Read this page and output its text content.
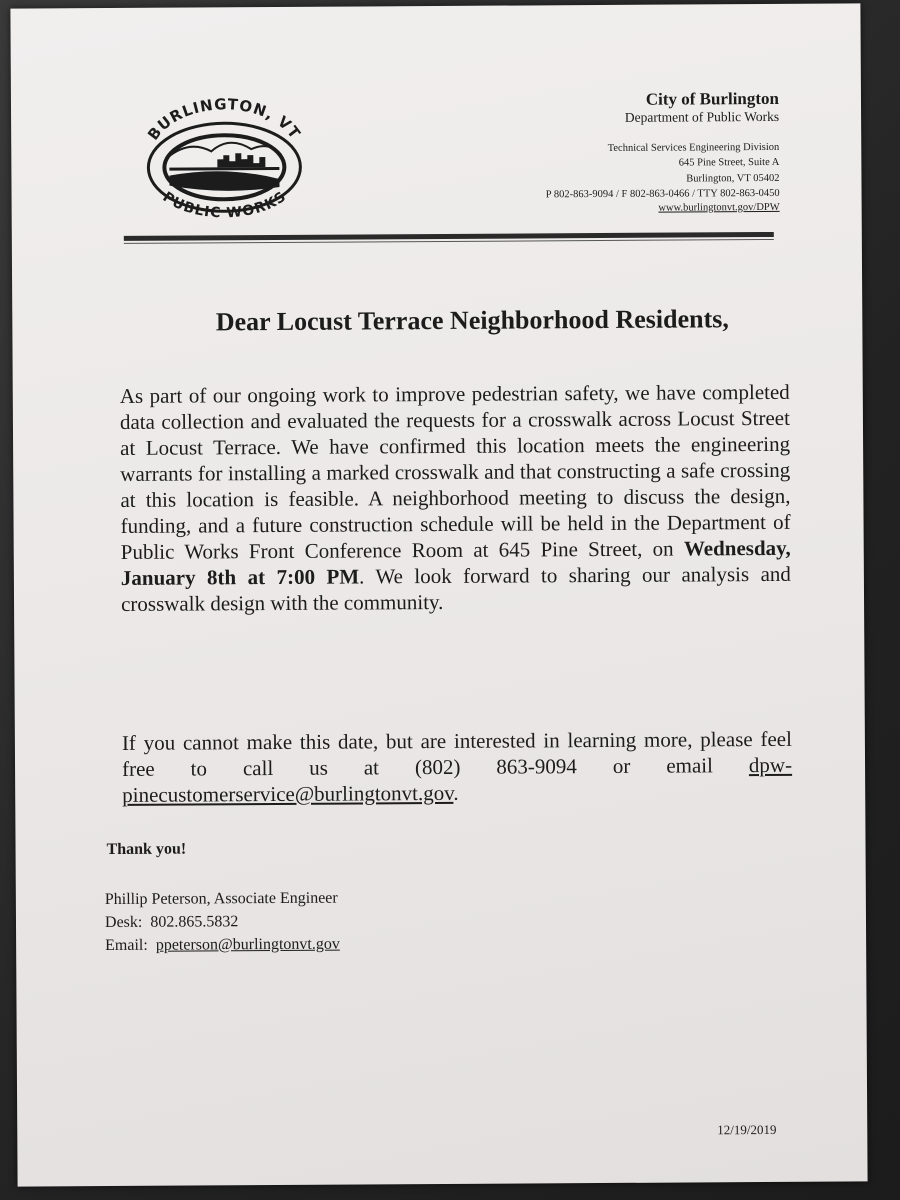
BURLINGTON, VT
PUBLIC WORKS
City of Burlington
Department of Public Works
Technical Services Engineering Division
645 Pine Street, Suite A
Burlington, VT 05402
P 802-863-9094 / F 802-863-0466 / TTY 802-863-0450
www.burlingtonvt.gov/DPW
Dear Locust Terrace Neighborhood Residents,
As part of our ongoing work to improve pedestrian safety, we have completed data collection and evaluated the requests for a crosswalk across Locust Street at Locust Terrace. We have confirmed this location meets the engineering warrants for installing a marked crosswalk and that constructing a safe crossing at this location is feasible. A neighborhood meeting to discuss the design, funding, and a future construction schedule will be held in the Department of Public Works Front Conference Room at 645 Pine Street, on Wednesday, January 8th at 7:00 PM. We look forward to sharing our analysis and crosswalk design with the community.
If you cannot make this date, but are interested in learning more, please feel free to call us at (802) 863-9094 or email dpw-pinecustomerservice@burlingtonvt.gov.
Thank you!
Phillip Peterson, Associate Engineer
Desk: 802.865.5832
Email: ppeterson@burlingtonvt.gov
12/19/2019
